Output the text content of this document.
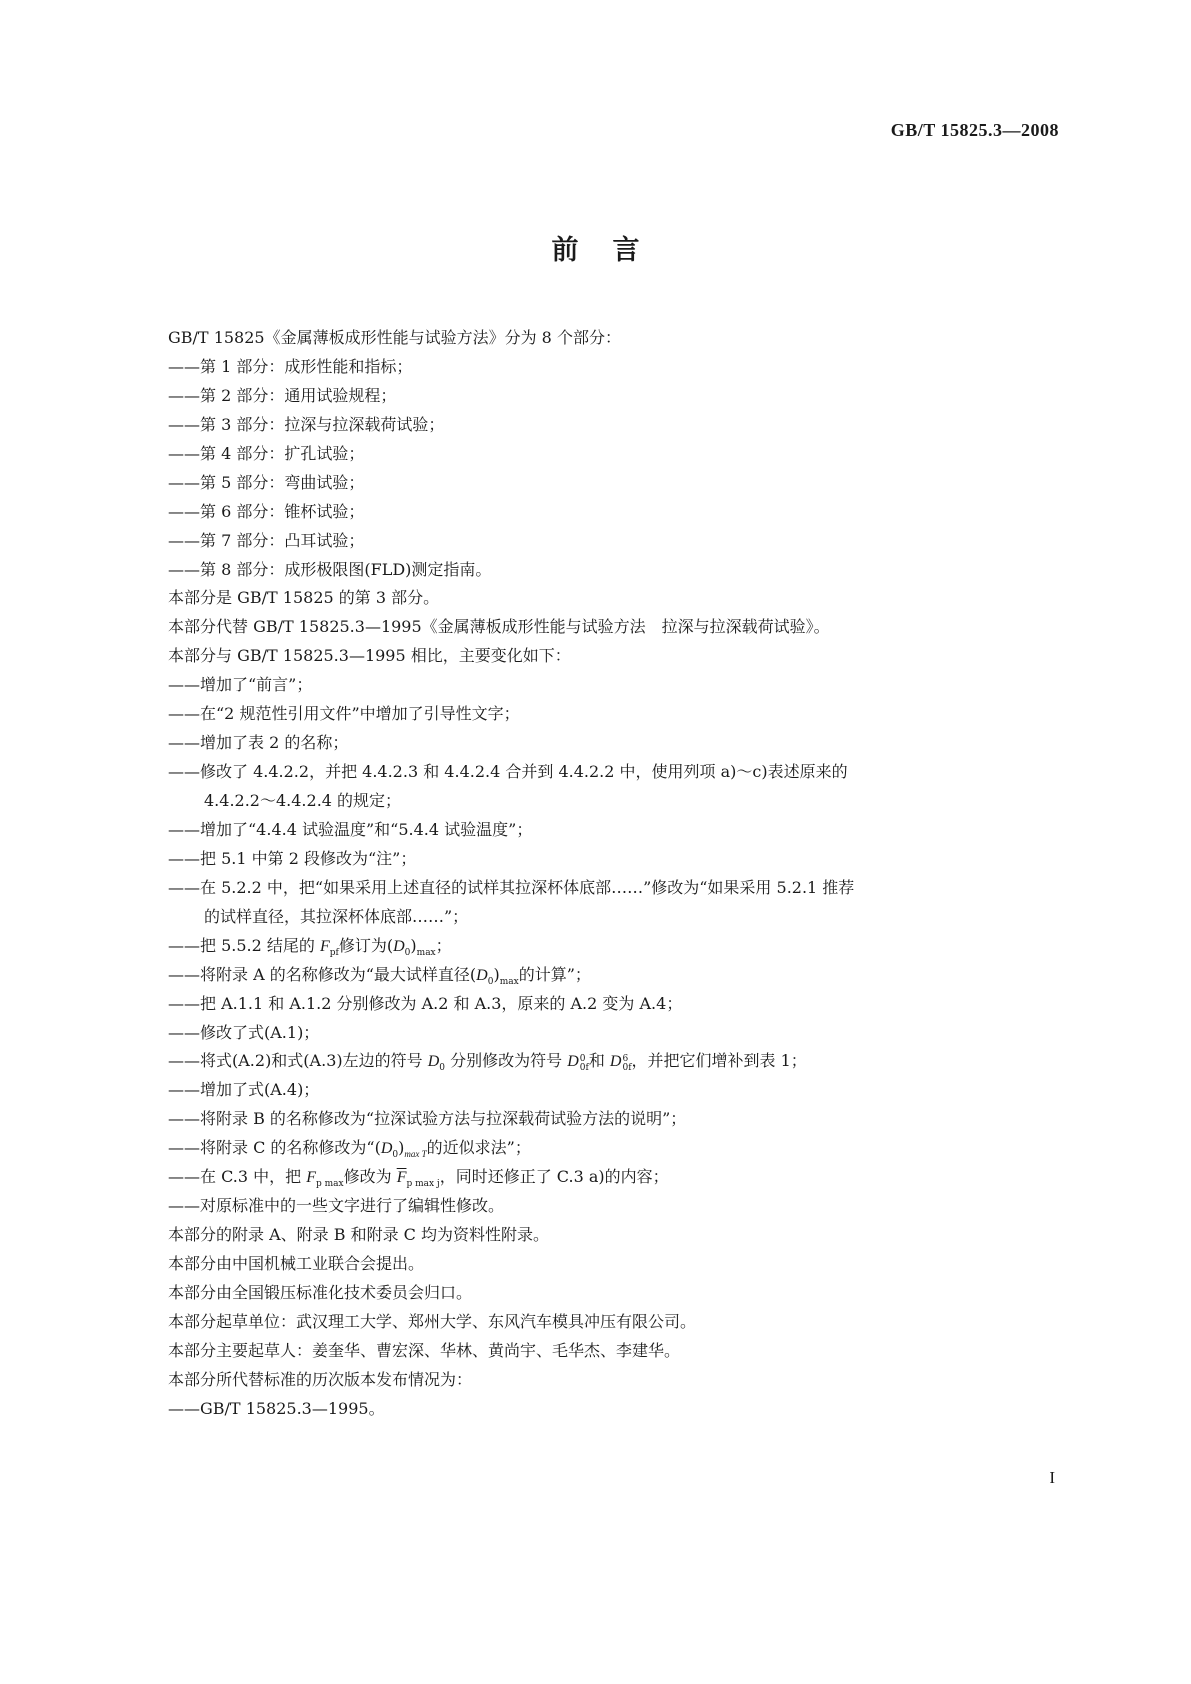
GB/T 15825.3—2008
前言
GB/T 15825《金属薄板成形性能与试验方法》分为 8 个部分：
——第 1 部分：成形性能和指标；
——第 2 部分：通用试验规程；
——第 3 部分：拉深与拉深载荷试验；
——第 4 部分：扩孔试验；
——第 5 部分：弯曲试验；
——第 6 部分：锥杯试验；
——第 7 部分：凸耳试验；
——第 8 部分：成形极限图(FLD)测定指南。
本部分是 GB/T 15825 的第 3 部分。
本部分代替 GB/T 15825.3—1995《金属薄板成形性能与试验方法　拉深与拉深载荷试验》。
本部分与 GB/T 15825.3—1995 相比，主要变化如下：
——增加了“前言”；
——在“2 规范性引用文件”中增加了引导性文字；
——增加了表 2 的名称；
——修改了 4.4.2.2，并把 4.4.2.3 和 4.4.2.4 合并到 4.4.2.2 中，使用列项 a)～c)表述原来的
4.4.2.2～4.4.2.4 的规定；
——增加了“4.4.4 试验温度”和“5.4.4 试验温度”；
——把 5.1 中第 2 段修改为“注”；
——在 5.2.2 中，把“如果采用上述直径的试样其拉深杯体底部……”修改为“如果采用 5.2.1 推荐
的试样直径，其拉深杯体底部……”；
——把 5.5.2 结尾的 $F_{pf}$修订为$(D_0)_{max}$；
——将附录 A 的名称修改为“最大试样直径$(D_0)_{max}$的计算”；
——把 A.1.1 和 A.1.2 分别修改为 A.2 和 A.3，原来的 A.2 变为 A.4；
——修改了式(A.1)；
——将式(A.2)和式(A.3)左边的符号 $D_0$ 分别修改为符号 D 0
0f 和 D 6
0f ，并把它们增补到表 1；
——增加了式(A.4)；
——将附录 B 的名称修改为“拉深试验方法与拉深载荷试验方法的说明”；
——将附录 C 的名称修改为“$(D_0)_{max T}$的近似求法”；
——在 C.3 中，把 $F_{p max}$修改为 $\overline{F}_{p max j}$，同时还修正了 C.3 a)的内容；
——对原标准中的一些文字进行了编辑性修改。
本部分的附录 A、附录 B 和附录 C 均为资料性附录。
本部分由中国机械工业联合会提出。
本部分由全国锻压标准化技术委员会归口。
本部分起草单位：武汉理工大学、郑州大学、东风汽车模具冲压有限公司。
本部分主要起草人：姜奎华、曹宏深、华林、黄尚宇、毛华杰、李建华。
本部分所代替标准的历次版本发布情况为：
——GB/T 15825.3—1995。
I
